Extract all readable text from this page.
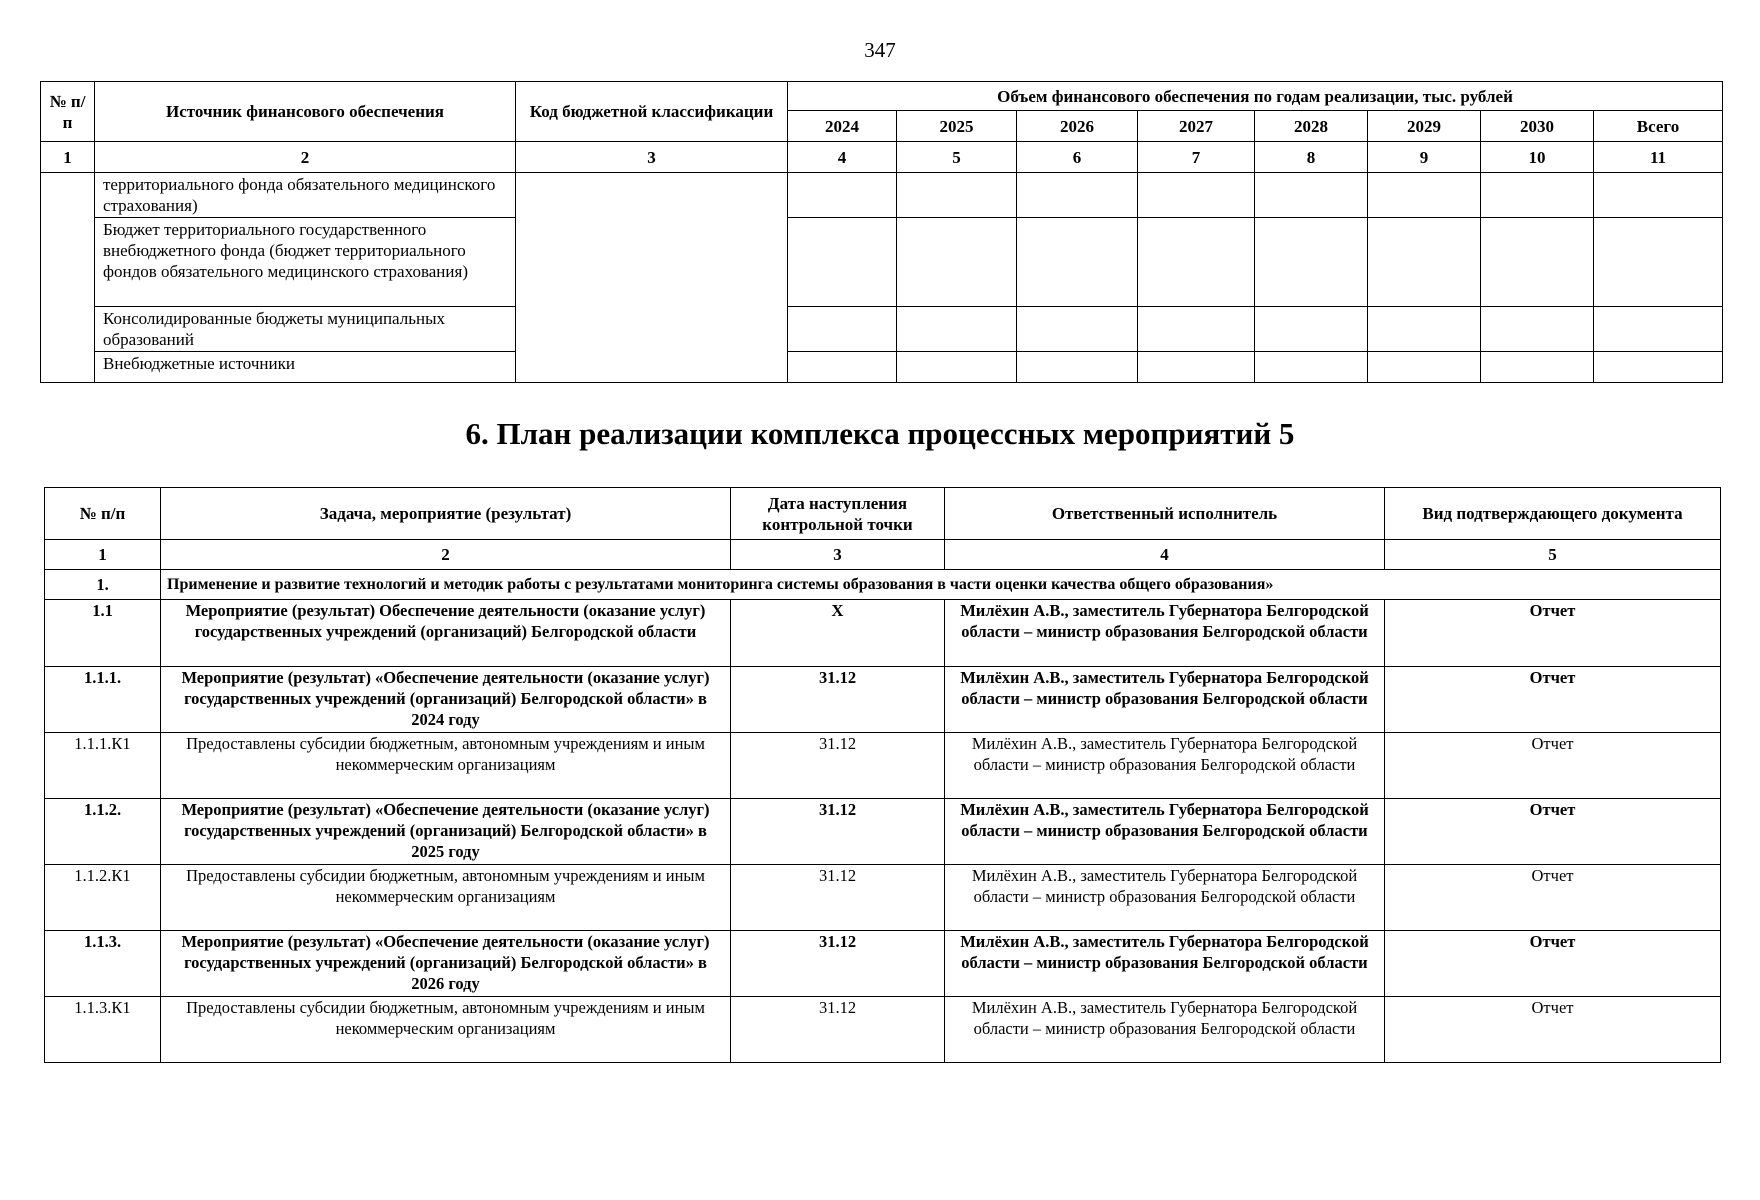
347
№ п/п	Источник финансового обеспечения	Код бюджетной классификации	Объем финансового обеспечения по годам реализации, тыс. рублей							
			2024	2025	2026	2027	2028	2029	2030	Всего
1	2	3	4	5	6	7	8	9	10	11
	территориального фонда обязательного медицинского страхования)									
	Бюджет территориального государственного внебюджетного фонда (бюджет территориального фондов обязательного медицинского страхования)									
	Консолидированные бюджеты муниципальных образований									
	Внебюджетные источники									
6. План реализации комплекса процессных мероприятий 5
№ п/п	Задача, мероприятие (результат)	Дата наступления контрольной точки	Ответственный исполнитель	Вид подтверждающего документа
1	2	3	4	5
1.	Применение и развитие технологий и методик работы с результатами мониторинга системы образования в части оценки качества общего образования»			
1.1	Мероприятие (результат) Обеспечение деятельности (оказание услуг) государственных учреждений (организаций) Белгородской области	Х	Милёхин А.В., заместитель Губернатора Белгородской области – министр образования Белгородской области	Отчет
1.1.1.	Мероприятие (результат) «Обеспечение деятельности (оказание услуг) государственных учреждений (организаций) Белгородской области» в 2024 году	31.12	Милёхин А.В., заместитель Губернатора Белгородской области – министр образования Белгородской области	Отчет
1.1.1.К1	Предоставлены субсидии бюджетным, автономным учреждениям и иным некоммерческим организациям	31.12	Милёхин А.В., заместитель Губернатора Белгородской области – министр образования Белгородской области	Отчет
1.1.2.	Мероприятие (результат) «Обеспечение деятельности (оказание услуг) государственных учреждений (организаций) Белгородской области» в 2025 году	31.12	Милёхин А.В., заместитель Губернатора Белгородской области – министр образования Белгородской области	Отчет
1.1.2.К1	Предоставлены субсидии бюджетным, автономным учреждениям и иным некоммерческим организациям	31.12	Милёхин А.В., заместитель Губернатора Белгородской области – министр образования Белгородской области	Отчет
1.1.3.	Мероприятие (результат) «Обеспечение деятельности (оказание услуг) государственных учреждений (организаций) Белгородской области» в 2026 году	31.12	Милёхин А.В., заместитель Губернатора Белгородской области – министр образования Белгородской области	Отчет
1.1.3.К1	Предоставлены субсидии бюджетным, автономным учреждениям и иным некоммерческим организациям	31.12	Милёхин А.В., заместитель Губернатора Белгородской области – министр образования Белгородской области	Отчет
